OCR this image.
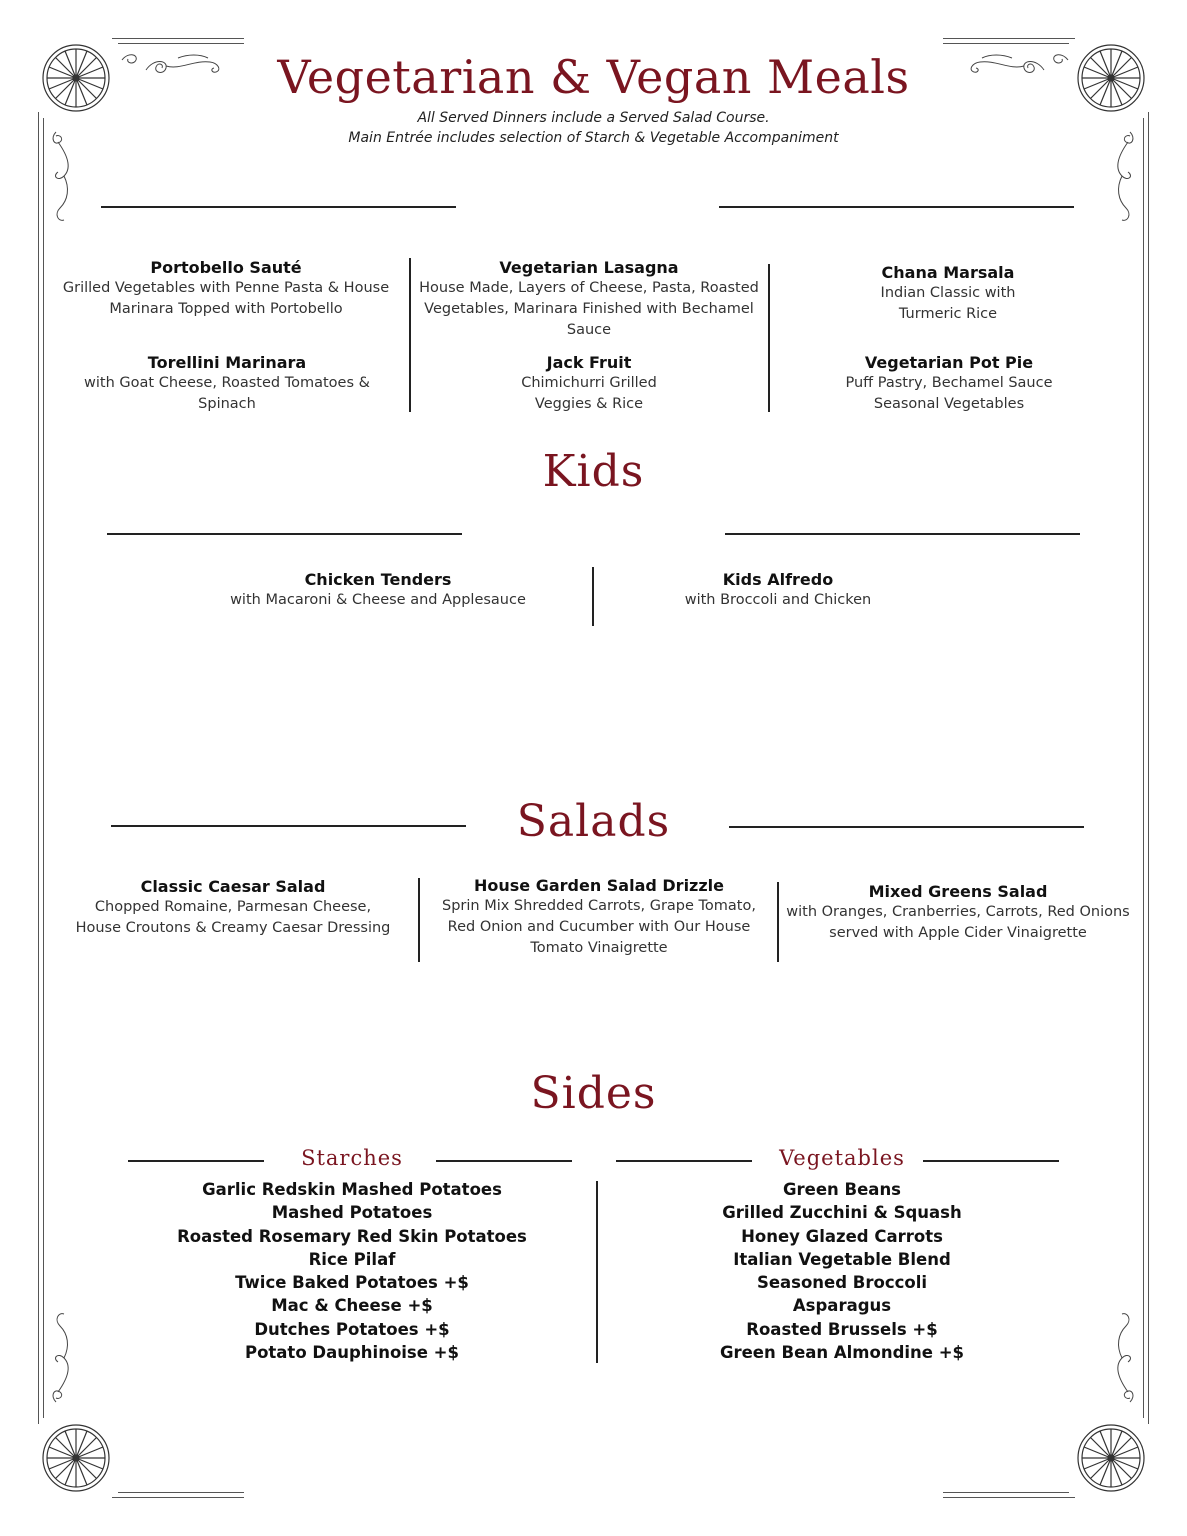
Vegetarian & Vegan Meals
All Served Dinners include a Served Salad Course.
Main Entrée includes selection of Starch & Vegetable Accompaniment
Portobello Sauté
Grilled Vegetables with Penne Pasta & House Marinara Topped with Portobello
Vegetarian Lasagna
House Made, Layers of Cheese, Pasta, Roasted Vegetables, Marinara Finished with Bechamel Sauce
Chana Marsala
Indian Classic with Turmeric Rice
Torellini Marinara
with Goat Cheese, Roasted Tomatoes & Spinach
Jack Fruit
Chimichurri Grilled Veggies & Rice
Vegetarian Pot Pie
Puff Pastry, Bechamel Sauce Seasonal Vegetables
Kids
Chicken Tenders
with Macaroni & Cheese and Applesauce
Kids Alfredo
with Broccoli and Chicken
Salads
Classic Caesar Salad
Chopped Romaine, Parmesan Cheese, House Croutons & Creamy Caesar Dressing
House Garden Salad Drizzle
Sprin Mix Shredded Carrots, Grape Tomato, Red Onion and Cucumber with Our House Tomato Vinaigrette
Mixed Greens Salad
with Oranges, Cranberries, Carrots, Red Onions served with Apple Cider Vinaigrette
Sides
Starches	Vegetables
Garlic Redskin Mashed Potatoes
Mashed Potatoes
Roasted Rosemary Red Skin Potatoes
Rice Pilaf
Twice Baked Potatoes +$
Mac & Cheese +$
Dutches Potatoes +$
Potato Dauphinoise +$
Green Beans
Grilled Zucchini & Squash
Honey Glazed Carrots
Italian Vegetable Blend
Seasoned Broccoli
Asparagus
Roasted Brussels +$
Green Bean Almondine +$
